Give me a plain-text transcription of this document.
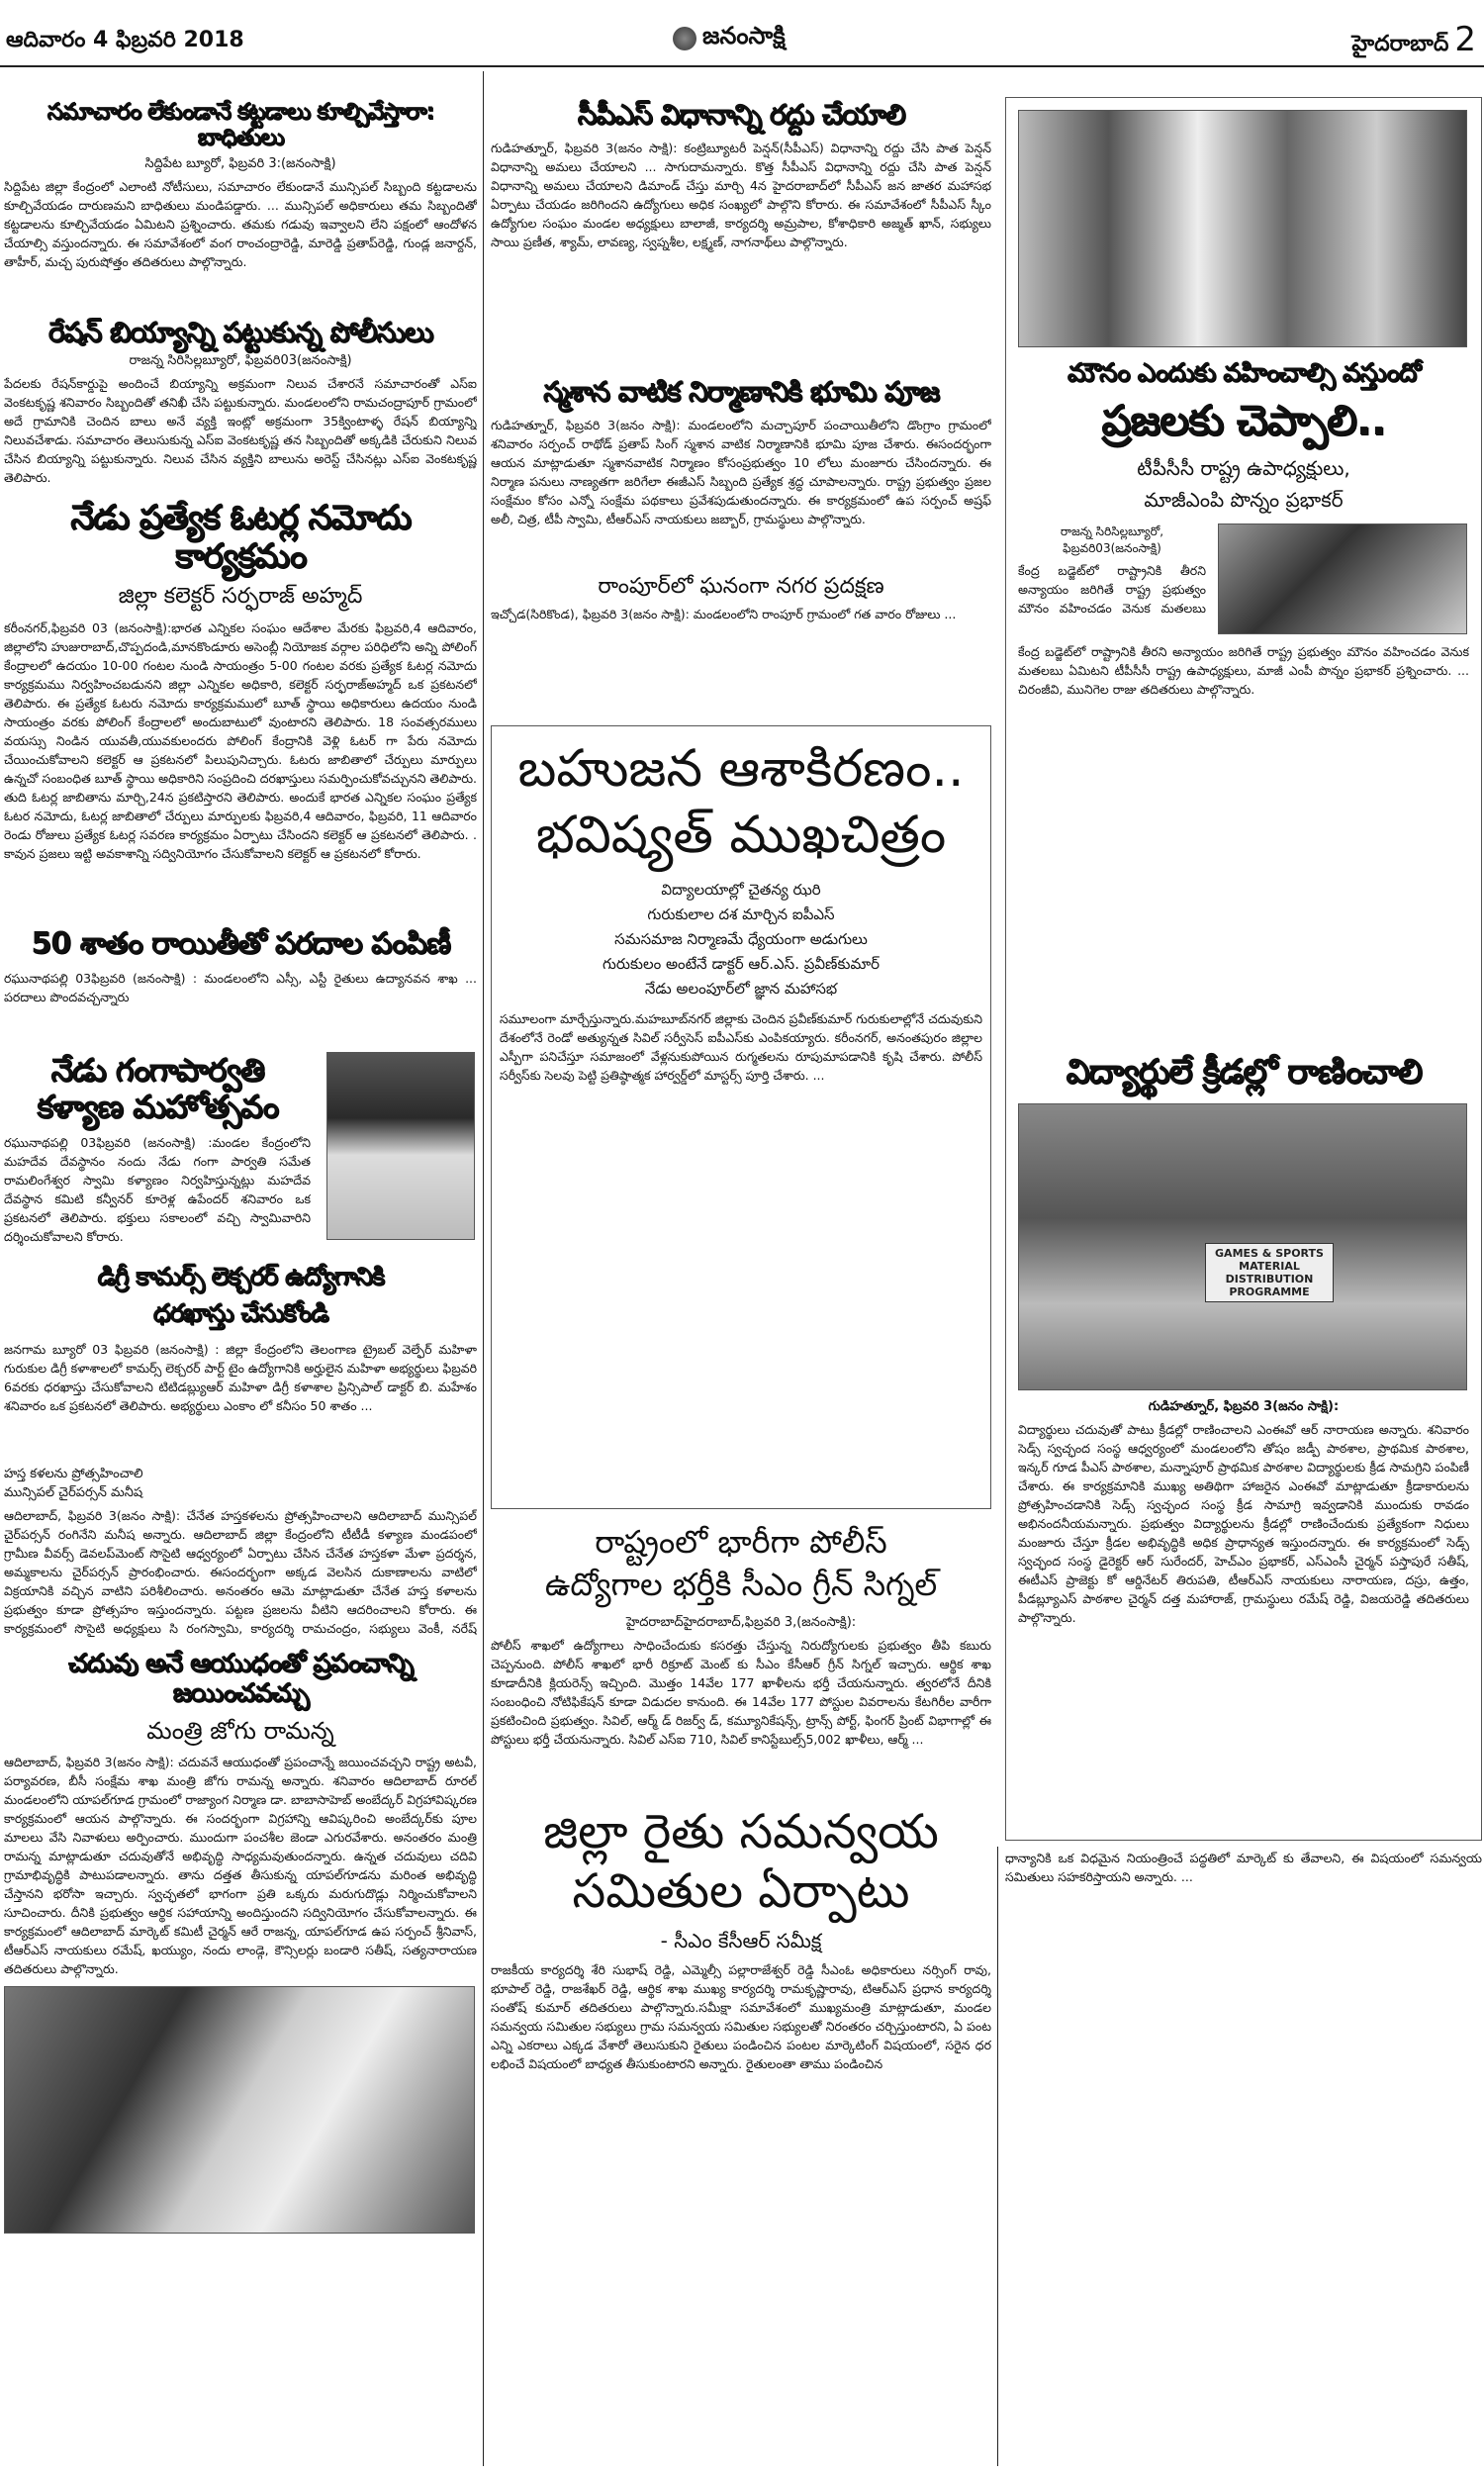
ఆదివారం 4 ఫిబ్రవరి 2018	జనంసాక్షి	హైదరాబాద్ 2
సమాచారం లేకుండానే కట్టడాలు కూల్చివేస్తారా: బాధితులు
సిద్దిపేట బ్యూరో, ఫిబ్రవరి 3:(జనంసాక్షి)
సిద్దిపేట జిల్లా కేంద్రంలో ఎలాంటి నోటీసులు, సమాచారం లేకుండానే మున్సిపల్ సిబ్బంది కట్టడాలను కూల్చివేయడం దారుణమని బాధితులు మండిపడ్డారు. ... మున్సిపల్ అధికారులు తమ సిబ్బందితో కట్టడాలను కూల్చివేయడం ఏమిటని ప్రశ్నించారు. తమకు గడువు ఇవ్వాలని లేని పక్షంలో ఆందోళన చేయాల్సి వస్తుందన్నారు. ఈ సమావేశంలో వంగ రాంచంద్రారెడ్డి, మారెడ్డి ప్రతాప్‌రెడ్డి, గుండ్ల జనార్దన్, తాహీర్, మచ్చ పురుషోత్తం తదితరులు పాల్గొన్నారు.
రేషన్ బియ్యాన్ని పట్టుకున్న పోలీసులు
రాజన్న సిరిసిల్లబ్యూరో, ఫిబ్రవరి03(జనంసాక్షి)
పేదలకు రేషన్‌కార్డుపై అందించే బియ్యాన్ని అక్రమంగా నిలువ చేశారనే సమాచారంతో ఎస్‌ఐ వెంకటకృష్ణ శనివారం సిబ్బందితో తనిఖీ చేసి పట్టుకున్నారు. మండలంలోని రామచంద్రాపూర్ గ్రామంలో అదే గ్రామానికి చెందిన బాలు అనే వ్యక్తి ఇంట్లో అక్రమంగా 35క్వింటాళ్ళ రేషన్ బియ్యాన్ని నిలువచేశాడు. సమాచారం తెలుసుకున్న ఎస్‌ఐ వెంకటకృష్ణ తన సిబ్బందితో అక్కడికి చేరుకుని నిలువ చేసిన బియ్యాన్ని పట్టుకున్నారు. నిలువ చేసిన వ్యక్తిని బాలును అరెస్ట్ చేసినట్లు ఎస్‌ఐ వెంకటకృష్ణ తెలిపారు.
నేడు ప్రత్యేక ఓటర్ల నమోదు కార్యక్రమం
జిల్లా కలెక్టర్ సర్ఫరాజ్ అహ్మద్
కరీంనగర్,ఫిబ్రవరి 03 (జనంసాక్షి):భారత ఎన్నికల సంఘం ఆదేశాల మేరకు ఫిబ్రవరి,4 ఆదివారం, జిల్లాలోని హుజురాబాద్,చొప్పదండి,మానకొండూరు అసెంబ్లీ నియోజక వర్గాల పరిధిలోని అన్ని పోలింగ్ కేంద్రాలలో ఉదయం 10-00 గంటల నుండి సాయంత్రం 5-00 గంటల వరకు ప్రత్యేక ఓటర్ల నమోదు కార్యక్రమము నిర్వహించబడునని జిల్లా ఎన్నికల అధికారి, కలెక్టర్ సర్ఫరాజ్‌అహ్మద్ ఒక ప్రకటనలో తెలిపారు. ఈ ప్రత్యేక ఓటరు నమోదు కార్యక్రమములో బూత్ స్థాయి అధికారులు ఉదయం నుండి సాయంత్రం వరకు పోలింగ్ కేంద్రాలలో అందుబాటులో వుంటారని తెలిపారు. 18 సంవత్సరములు వయస్సు నిండిన యువతీ,యువకులందరు పోలింగ్ కేంద్రానికి వెళ్లి ఓటర్ గా పేరు నమోదు చేయించుకోవాలని కలెక్టర్ ఆ ప్రకటనలో పిలుపునిచ్చారు. ఓటరు జాబితాలో చేర్పులు మార్పులు ఉన్నచో సంబంధిత బూత్ స్థాయి అధికారిని సంప్రదించి దరఖాస్తులు సమర్పించుకోవచ్చునని తెలిపారు. తుది ఓటర్ల జాబితాను మార్చి,24న ప్రకటిస్తారని తెలిపారు. అందుకే భారత ఎన్నికల సంఘం ప్రత్యేక ఓటర నమోదు, ఓటర్ల జాబితాలో చేర్పులు మార్పులకు ఫిబ్రవరి,4 ఆదివారం, ఫిబ్రవరి, 11 ఆదివారం రెండు రోజులు ప్రత్యేక ఓటర్ల సవరణ కార్యక్రమం ఏర్పాటు చేసిందని కలెక్టర్ ఆ ప్రకటనలో తెలిపారు. . కావున ప్రజలు ఇట్టి అవకాశాన్ని సద్వినియోగం చేసుకోవాలని కలెక్టర్ ఆ ప్రకటనలో కోరారు.
50 శాతం రాయితీతో పరదాల పంపిణీ
రఘునాథపల్లి 03ఫిబ్రవరి (జనంసాక్షి) : మండలంలోని ఎస్సీ, ఎస్టీ రైతులు ఉద్యానవన శాఖ ... పరదాలు పొందవచ్చన్నారు
నేడు గంగాపార్వతి కళ్యాణ మహోత్సవం
రఘునాథపల్లి 03ఫిబ్రవరి (జనంసాక్షి) :మండల కేంద్రంలోని మహదేవ దేవస్థానం నందు నేడు గంగా పార్వతి సమేత రామలింగేశ్వర స్వామి కళ్యాణం నిర్వహిస్తున్నట్లు మహదేవ దేవస్థాన కమిటి కన్వీనర్ కూరెళ్ల ఉపేందర్ శనివారం ఒక ప్రకటనలో తెలిపారు. భక్తులు సకాలంలో వచ్చి స్వామివారిని దర్శించుకోవాలని కోరారు.
డిగ్రీ కామర్స్ లెక్చరర్ ఉద్యోగానికి
ధరఖాస్తు చేసుకోండి
జనగామ బ్యూరో 03 ఫిబ్రవరి (జనంసాక్షి) : జిల్లా కేంద్రంలోని తెలంగాణ ట్రైబల్ వెల్ఫేర్ మహిళా గురుకుల డిగ్రీ కళాశాలలో కామర్స్ లెక్చరర్ పార్ట్ టైం ఉద్యోగానికి అర్హులైన మహిళా అభ్యర్థులు ఫిబ్రవరి 6వరకు ధరఖాస్తు చేసుకోవాలని టిటిడబ్ల్యుఆర్ మహిళా డిగ్రీ కళాశాల ప్రిన్సిపాల్ డాక్టర్ బి. మహేశం శనివారం ఒక ప్రకటనలో తెలిపారు. అభ్యర్థులు ఎంకాం లో కనీసం 50 శాతం ...
హస్త కళలను ప్రోత్సహించాలి
మున్సిపల్ చైర్‌పర్సన్ మనీష
ఆదిలాబాద్, ఫిబ్రవరి 3(జనం సాక్షి): చేనేత హస్తకళలను ప్రోత్సహించాలని ఆదిలాబాద్ మున్సిపల్ చైర్‌పర్సన్ రంగినేని మనీష అన్నారు. ఆదిలాబాద్ జిల్లా కేంద్రంలోని టీటీడీ కళ్యాణ మండపంలో గ్రామీణ వీవర్స్ డెవలప్‌మెంట్ సొసైటి ఆధ్వర్యంలో ఏర్పాటు చేసిన చేనేత హస్తకళా మేళా ప్రదర్శన, అమ్మకాలను చైర్‌పర్సన్ ప్రారంభించారు. ఈసందర్భంగా అక్కడ వెలసిన దుకాణాలను వాటిలో విక్రయానికి వచ్చిన వాటిని పరిశీలించారు. అనంతరం ఆమె మాట్లాడుతూ చేనేత హస్త కళాలను ప్రభుత్వం కూడా ప్రోత్సహం ఇస్తుందన్నారు. పట్టణ ప్రజలను వీటిని ఆదరించాలని కోరారు. ఈ కార్యక్రమంలో సొసైటి అధ్యక్షులు సి రంగస్వామి, కార్యదర్శి రామచంద్రం, సభ్యులు వెంకీ, నరేష్
చదువు అనే ఆయుధంతో ప్రపంచాన్ని జయించవచ్చు
మంత్రి జోగు రామన్న
ఆదిలాబాద్, ఫిబ్రవరి 3(జనం సాక్షి): చదువనే ఆయుధంతో ప్రపంచాన్నే జయించవచ్చని రాష్ట్ర అటవీ, పర్యావరణ, బీసీ సంక్షేమ శాఖ మంత్రి జోగు రామన్న అన్నారు. శనివారం ఆదిలాబాద్ రూరల్ మండలంలోని యాపల్‌గూడ గ్రామంలో రాజ్యాంగ నిర్మాణ డా. బాబాసాహెబ్ అంబేద్కర్ విగ్రహావిష్కరణ కార్యక్రమంలో ఆయన పాల్గొన్నారు. ఈ సందర్భంగా విగ్రహాన్ని ఆవిష్కరించి అంబేద్కర్‌కు పూల మాలలు వేసి నివాళులు అర్పించారు. ముందుగా పంచశీల జెండా ఎగురవేశారు. అనంతరం మంత్రి రామన్న మాట్లాడుతూ చదువుతోనే అభివృద్ధి సాధ్యమవుతుందన్నారు. ఉన్నత చదువులు చదివి గ్రామాభివృద్ధికి పాటుపడాలన్నారు. తాను దత్తత తీసుకున్న యాపల్‌గూడను మరింత అభివృద్ధి చేస్తానని భరోసా ఇచ్చారు. స్వచ్ఛతలో భాగంగా ప్రతి ఒక్కరు మరుగుదొడ్లు నిర్మించుకోవాలని సూచించారు. దీనికి ప్రభుత్వం ఆర్థిక సహాయాన్ని అందిస్తుందని సద్వినియోగం చేసుకోవాలన్నారు. ఈ కార్యక్రమంలో ఆదిలాబాద్ మార్కెట్ కమిటీ చైర్మన్ ఆరే రాజన్న, యాపల్‌గూడ ఉప సర్పంచ్ శ్రీనివాస్, టీఆర్ఎస్ నాయకులు రమేష్, ఖయ్యుం, నందు లాండ్గె, కౌన్సిలర్లు బండారి సతీష్, సత్యనారాయణ తదితరులు పాల్గొన్నారు.
సీపీఎస్ విధానాన్ని రద్దు చేయాలి
గుడిహత్నూర్, ఫిబ్రవరి 3(జనం సాక్షి): కంట్రిబ్యూటరీ పెన్షన్(సీపీఎస్) విధానాన్ని రద్దు చేసి పాత పెన్షన్ విధానాన్ని అమలు చేయాలని ... సాగుదామన్నారు. కొత్త సీపీఎస్ విధానాన్ని రద్దు చేసి పాత పెన్షన్ విధానాన్ని అమలు చేయాలని డిమాండ్ చేస్తు మార్చి 4న హైదరాబాద్‌లో సీపీఎస్ జన జాతర మహాసభ ఏర్పాటు చేయడం జరిగిందని ఉద్యోగులు అధిక సంఖ్యలో పాల్గొని కోరారు. ఈ సమావేశంలో సీపీఎస్ స్కీం ఉద్యోగుల సంఘం మండల అధ్యక్షులు బాలాజీ, కార్యదర్శి అమ్రపాల, కోశాధికారి అజ్మత్ ఖాన్, సభ్యులు సాయి ప్రణీత, శ్యామ్, లావణ్య, స్వప్నశీల, లక్ష్మణ్, నాగనాథ్‌లు పాల్గొన్నారు.
స్మశాన వాటిక నిర్మాణానికి భూమి పూజ
గుడిహత్నూర్, ఫిబ్రవరి 3(జనం సాక్షి): మండలంలోని మచ్చాపూర్ పంచాయితీలోని డొంగ్రాం గ్రామంలో శనివారం సర్పంచ్ రాథోడ్ ప్రతాప్ సింగ్ స్మశాన వాటిక నిర్మాణానికి భూమి పూజ చేశారు. ఈసందర్భంగా ఆయన మాట్లాడుతూ స్మశానవాటిక నిర్మాణం కోసంప్రభుత్వం 10 లోలు మంజూరు చేసిందన్నారు. ఈ నిర్మాణ పనులు నాణ్యతగా జరిగేలా ఈజీఎస్ సిబ్బంది ప్రత్యేక శ్రద్ధ చూపాలన్నారు. రాష్ట్ర ప్రభుత్వం ప్రజల సంక్షేమం కోసం ఎన్నో సంక్షేమ పథకాలు ప్రవేశపుడుతుందన్నారు. ఈ కార్యక్రమంలో ఉప సర్పంచ్ అష్రఫ్ అలీ, చిత్ర, టీపీ స్వామి, టీఆర్ఎస్ నాయకులు జబ్బార్, గ్రామస్థులు పాల్గొన్నారు.
రాంపూర్‌లో ఘనంగా నగర ప్రదక్షణ
ఇచ్చోడ(సిరికొండ), ఫిబ్రవరి 3(జనం సాక్షి): మండలంలోని రాంపూర్ గ్రామంలో గత వారం రోజులు ...
బహుజన ఆశాకిరణం..
భవిష్యత్ ముఖచిత్రం
విద్యాలయాల్లో చైతన్య ఝరి
గురుకులాల దశ మార్చిన ఐపీఎస్
సమసమాజ నిర్మాణమే ధ్యేయంగా అడుగులు
గురుకులం అంటేనే డాక్టర్ ఆర్.ఎస్. ప్రవీణ్‌కుమార్
నేడు అలంపూర్‌లో జ్ఞాన మహాసభ
సమూలంగా మార్చేస్తున్నారు.మహబూబ్‌నగర్ జిల్లాకు చెందిన ప్రవీణ్‌కుమార్ గురుకులాల్లోనే చదువుకుని దేశంలోనే రెండో అత్యున్నత సివిల్ సర్వీసెస్ ఐపీఎస్‌కు ఎంపికయ్యారు. కరీంనగర్, అనంతపురం జిల్లాల ఎస్పీగా పనిచేస్తూ సమాజంలో వేళ్లనుకుపోయిన రుగ్మతలను రూపుమాపడానికి కృషి చేశారు. పోలీస్ సర్వీస్‌కు సెలవు పెట్టి ప్రతిష్ఠాత్మక హార్వర్డ్‌లో మాస్టర్స్ పూర్తి చేశారు. ...
రాష్ట్రంలో భారీగా పోలీస్
ఉద్యోగాల భర్తీకి సీఎం గ్రీన్ సిగ్నల్
హైదరాబాద్‌హైదరాబాద్,ఫిబ్రవరి 3,(జనంసాక్షి):
పోలీస్ శాఖలో ఉద్యోగాలు సాధించేందుకు కసరత్తు చేస్తున్న నిరుద్యోగులకు ప్రభుత్వం తీపి కబురు చెప్పనుంది. పోలీస్ శాఖలో భారీ రిక్రూట్ మెంట్ కు సీఎం కేసీఆర్ గ్రీన్ సిగ్నల్ ఇచ్చారు. ఆర్థిక శాఖ కూడాదీనికి క్లియరెన్స్ ఇచ్చింది. మొత్తం 14వేల 177 ఖాళీలను భర్తీ చేయనున్నారు. త్వరలోనే దీనికి సంబంధించి నోటిఫికేషన్ కూడా విడుదల కానుంది. ఈ 14వేల 177 పోస్టుల వివరాలను కేటగిరీల వారీగా ప్రకటించింది ప్రభుత్వం. సివిల్, ఆర్మ్ డ్ రిజర్వ్ డ్, కమ్యూనికేషన్స్, ట్రాన్స్ పోర్ట్, ఫింగర్ ప్రింట్ విభాగాల్లో ఈ పోస్టులు భర్తీ చేయనున్నారు. సివిల్ ఎస్ఐ 710, సివిల్ కానిస్టేబుల్స్5,002 ఖాళీలు, ఆర్మ్ ...
జిల్లా రైతు సమన్వయ
సమితుల ఏర్పాటు
- సీఎం కేసీఆర్ సమీక్ష
రాజకీయ కార్యదర్శి శేరి సుభాష్ రెడ్డి, ఎమ్మెల్సీ పల్లారాజేశ్వర్ రెడ్డి సీఎంఓ అధికారులు నర్సింగ్ రావు, భూపాల్ రెడ్డి, రాజశేఖర్ రెడ్డి, ఆర్థిక శాఖ ముఖ్య కార్యదర్శి రామకృష్ణారావు, టిఆర్ఎస్ ప్రధాన కార్యదర్శి సంతోష్ కుమార్ తదితరులు పాల్గొన్నారు.సమీక్షా సమావేశంలో ముఖ్యమంత్రి మాట్లాడుతూ, మండల సమన్వయ సమితుల సభ్యులు గ్రామ సమన్వయ సమితుల సభ్యులతో నిరంతరం చర్చిస్తుంటారని, ఏ పంట ఎన్ని ఎకరాలు ఎక్కడ వేశారో తెలుసుకుని రైతులు పండించిన పంటల మార్కెటింగ్ విషయంలో, సరైన ధర లభించే విషయంలో బాధ్యత తీసుకుంటారని అన్నారు. రైతులంతా తాము పండించిన
మౌనం ఎందుకు వహించాల్సి వస్తుందో
ప్రజలకు చెప్పాలి..
టీపీసీసీ రాష్ట్ర ఉపాధ్యక్షులు,
మాజీఎంపి పొన్నం ప్రభాకర్
రాజన్న సిరిసిల్లబ్యూరో, ఫిబ్రవరి03(జనంసాక్షి)
కేంద్ర బడ్జెట్‌లో రాష్ట్రానికి తీరని అన్యాయం జరిగితే రాష్ట్ర ప్రభుత్వం మౌనం వహించడం వెనుక మతలబు
కేంద్ర బడ్జెట్‌లో రాష్ట్రానికి తీరని అన్యాయం జరిగితే రాష్ట్ర ప్రభుత్వం మౌనం వహించడం వెనుక మతలబు ఏమిటని టీపీసీసీ రాష్ట్ర ఉపాధ్యక్షులు, మాజీ ఎంపీ పొన్నం ప్రభాకర్ ప్రశ్నించారు. ... చిరంజీవి, మునిగెల రాజు తదితరులు పాల్గొన్నారు.
విద్యార్థులే క్రీడల్లో రాణించాలి
GAMES & SPORTS MATERIAL DISTRIBUTION PROGRAMME
గుడిహత్నూర్, ఫిబ్రవరి 3(జనం సాక్షి):
విద్యార్థులు చదువుతో పాటు క్రీడల్లో రాణించాలని ఎంఈవో ఆర్ నారాయణ అన్నారు. శనివారం సెడ్స్ స్వచ్ఛంద సంస్థ ఆధ్వర్యంలో మండలంలోని తోషం జడ్పీ పాఠశాల, ప్రాథమిక పాఠశాల, ఇన్కర్ గూడ పీఎస్ పాఠశాల, మన్నాపూర్ ప్రాథమిక పాఠశాల విద్యార్థులకు క్రీడ సామగ్రిని పంపిణీ చేశారు. ఈ కార్యక్రమానికి ముఖ్య అతిథిగా హాజరైన ఎంఈవో మాట్లాడుతూ క్రీడాకారులను ప్రోత్సహించడానికి సెడ్స్ స్వచ్ఛంద సంస్థ క్రీడ సామాగ్రి ఇవ్వడానికి ముందుకు రావడం అభినందనీయమన్నారు. ప్రభుత్వం విద్యార్థులను క్రీడల్లో రాణించేందుకు ప్రత్యేకంగా నిధులు మంజూరు చేస్తూ క్రీడల అభివృద్ధికి అధిక ప్రాధాన్యత ఇస్తుందన్నారు. ఈ కార్యక్రమంలో సెడ్స్ స్వచ్ఛంద సంస్థ డైరెక్టర్ ఆర్ సురేందర్, హెచ్ఎం ప్రభాకర్, ఎస్ఎంసీ చైర్మన్ పస్తాపురే సతీష్, ఈటీఎస్ ప్రాజెక్టు కో ఆర్డినేటర్ తిరుపతి, టీఆర్ఎస్ నాయకులు నారాయణ, దస్రు, ఉత్తం, పీడబ్ల్యూఎస్ పాఠశాల చైర్మన్ దత్త మహారాజ్, గ్రామస్థులు రమేష్ రెడ్డి, విజయరెడ్డి తదితరులు పాల్గొన్నారు.
ధాన్యానికి ఒక విధమైన నియంత్రించే పద్ధతిలో మార్కెట్ కు తేవాలని, ఈ విషయంలో సమన్వయ సమితులు సహకరిస్తాయని అన్నారు. ...
